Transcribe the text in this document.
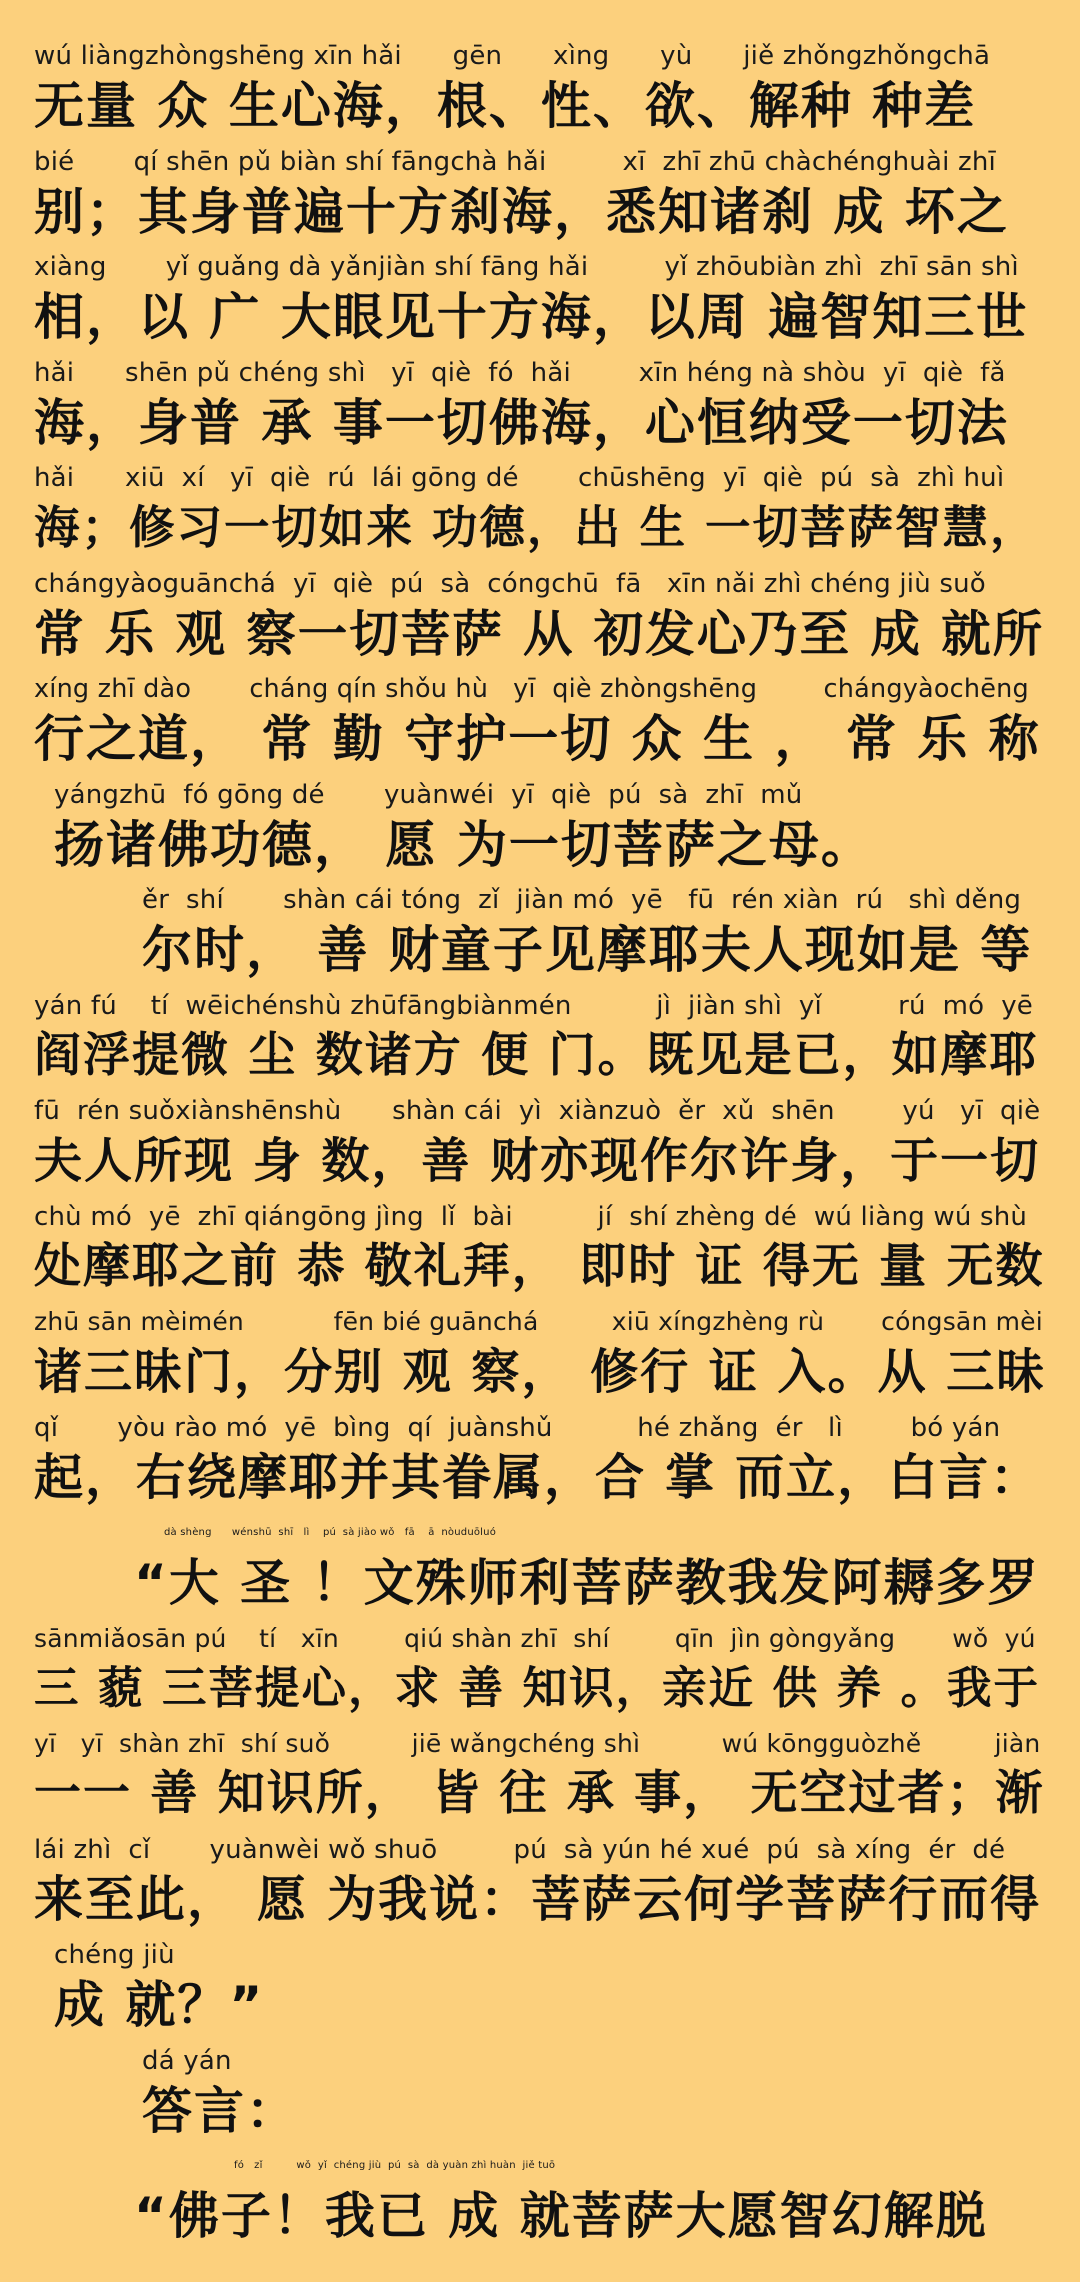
wú liàngzhòngshēng xīn hǎi      gēn      xìng      yù      jiě zhǒngzhǒngchā
无量 众 生心海，根、性、欲、解种 种差
bié       qí shēn pǔ biàn shí fāngchà hǎi         xī  zhī zhū chàchénghuài zhī
别；其身普遍十方刹海，悉知诸刹 成 坏之
xiàng       yǐ guǎng dà yǎnjiàn shí fāng hǎi         yǐ zhōubiàn zhì  zhī sān shì
相，以 广 大眼见十方海，以周 遍智知三世
hǎi      shēn pǔ chéng shì   yī  qiè  fó  hǎi        xīn héng nà shòu  yī  qiè  fǎ
海，身普 承 事一切佛海，心恒纳受一切法
hǎi      xiū  xí   yī  qiè  rú  lái gōng dé       chūshēng  yī  qiè  pú  sà  zhì huì
海；修习一切如来 功德，出 生 一切菩萨智慧，
chángyàoguānchá  yī  qiè  pú  sà  cóngchū  fā   xīn nǎi zhì chéng jiù suǒ
常 乐 观 察一切菩萨 从 初发心乃至 成 就所
xíng zhī dào       cháng qín shǒu hù   yī  qiè zhòngshēng        chángyàochēng
行之道， 常 勤 守护一切 众 生 ， 常 乐 称
yángzhū  fó gōng dé       yuànwéi  yī  qiè  pú  sà  zhī  mǔ
扬诸佛功德， 愿 为一切菩萨之母。
ěr  shí       shàn cái tóng  zǐ  jiàn mó  yē   fū  rén xiàn  rú   shì děng
尔时， 善 财童子见摩耶夫人现如是 等
yán fú    tí  wēichénshù zhūfāngbiànmén          jì  jiàn shì  yǐ         rú  mó  yē
阎浮提微 尘 数诸方 便 门。既见是已，如摩耶
fū  rén suǒxiànshēnshù      shàn cái  yì  xiànzuò  ěr  xǔ  shēn        yú   yī  qiè
夫人所现 身 数，善 财亦现作尔许身，于一切
chù mó  yē  zhī qiángōng jìng  lǐ  bài          jí  shí zhèng dé  wú liàng wú shù
处摩耶之前 恭 敬礼拜， 即时 证 得无 量 无数
zhū sān mèimén           fēn bié guānchá         xiū xíngzhèng rù       cóngsān mèi
诸三昧门，分别 观 察， 修行 证 入。从 三昧
qǐ       yòu rào mó  yē  bìng  qí  juànshǔ          hé zhǎng  ér   lì        bó yán
起，右绕摩耶并其眷属，合 掌 而立，白言：
dà shèng      wénshū  shī   lì    pú  sà jiào wǒ   fā    ā  nòuduōluó
“大 圣 ！文殊师利菩萨教我发阿耨多罗
sānmiǎosān pú    tí   xīn        qiú shàn zhī  shí        qīn  jìn gòngyǎng       wǒ  yú
三 藐 三菩提心，求 善 知识，亲近 供 养 。我于
yī   yī  shàn zhī  shí suǒ          jiē wǎngchéng shì          wú kōngguòzhě         jiàn
一一 善 知识所， 皆 往 承 事， 无空过者；渐
lái zhì  cǐ       yuànwèi wǒ shuō         pú  sà yún hé xué  pú  sà xíng  ér  dé
来至此， 愿 为我说：菩萨云何学菩萨行而得
chéng jiù
成 就？”
dá yán
答言：
fó   zǐ          wǒ  yǐ  chéng jiù  pú  sà  dà yuàn zhì huàn  jiě tuō
“佛子！我已 成 就菩萨大愿智幻解脱
